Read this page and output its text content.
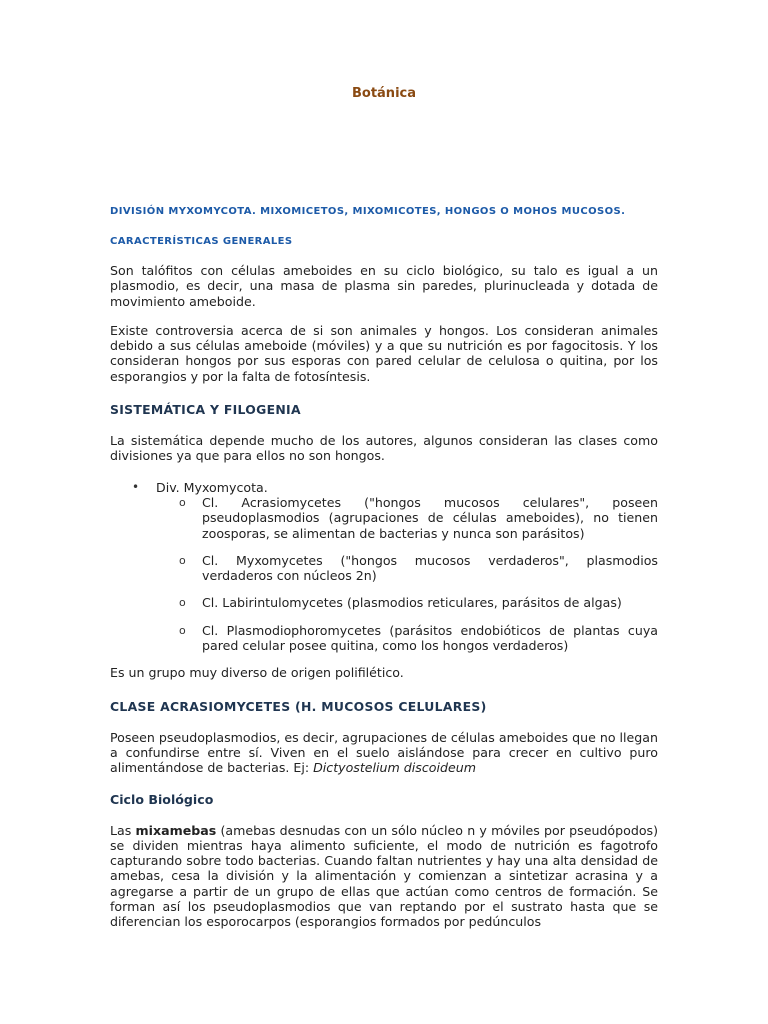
Botánica
DIVISIÓN MYXOMYCOTA. MIXOMICETOS, MIXOMICOTES, HONGOS O MOHOS MUCOSOS.
CARACTERÍSTICAS GENERALES

Son talófitos con células ameboides en su ciclo biológico, su talo es igual a un plasmodio, es decir, una masa de plasma sin paredes, plurinucleada y dotada de movimiento ameboide.

Existe controversia acerca de si son animales y hongos. Los consideran animales debido a sus células ameboide (móviles) y a que su nutrición es por fagocitosis. Y los consideran hongos por sus esporas con pared celular de celulosa o quitina, por los esporangios y por la falta de fotosíntesis.

SISTEMÁTICA Y FILOGENIA

La sistemática depende mucho de los autores, algunos consideran las clases como divisiones ya que para ellos no son hongos.

• Div. Myxomycota.
o Cl. Acrasiomycetes ("hongos mucosos celulares", poseen pseudoplasmodios (agrupaciones de células ameboides), no tienen zoosporas, se alimentan de bacterias y nunca son parásitos)
o Cl. Myxomycetes ("hongos mucosos verdaderos", plasmodios verdaderos con núcleos 2n)
o Cl. Labirintulomycetes (plasmodios reticulares, parásitos de algas)
o Cl. Plasmodiophoromycetes (parásitos endobióticos de plantas cuya pared celular posee quitina, como los hongos verdaderos)

Es un grupo muy diverso de origen polifilético.

CLASE ACRASIOMYCETES (H. MUCOSOS CELULARES)

Poseen pseudoplasmodios, es decir, agrupaciones de células ameboides que no llegan a confundirse entre sí. Viven en el suelo aislándose para crecer en cultivo puro alimentándose de bacterias. Ej: Dictyostelium discoideum

Ciclo Biológico

Las mixamebas (amebas desnudas con un sólo núcleo n y móviles por pseudópodos) se dividen mientras haya alimento suficiente, el modo de nutrición es fagotrofo capturando sobre todo bacterias. Cuando faltan nutrientes y hay una alta densidad de amebas, cesa la división y la alimentación y comienzan a sintetizar acrasina y a agregarse a partir de un grupo de ellas que actúan como centros de formación. Se forman así los pseudoplasmodios que van reptando por el sustrato hasta que se diferencian los esporocarpos (esporangios formados por pedúnculos
